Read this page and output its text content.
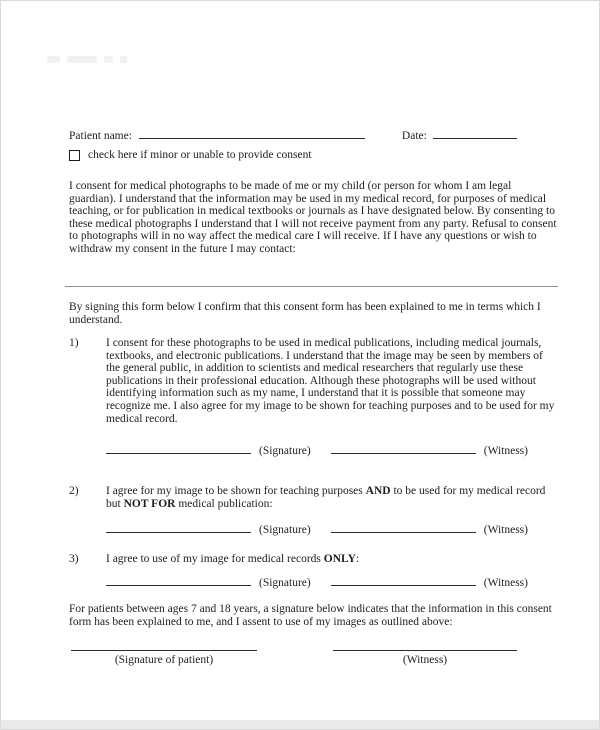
Patient name:	Date:
check here if minor or unable to provide consent

I consent for medical photographs to be made of me or my child (or person for whom I am legal guardian). I understand that the information may be used in my medical record, for purposes of medical teaching, or for publication in medical textbooks or journals as I have designated below. By consenting to these medical photographs I understand that I will not receive payment from any party. Refusal to consent to photographs will in no way affect the medical care I will receive. If I have any questions or wish to withdraw my consent in the future I may contact:

By signing this form below I confirm that this consent form has been explained to me in terms which I understand.

1)	I consent for these photographs to be used in medical publications, including medical journals, textbooks, and electronic publications. I understand that the image may be seen by members of the general public, in addition to scientists and medical researchers that regularly use these publications in their professional education. Although these photographs will be used without identifying information such as my name, I understand that it is possible that someone may recognize me. I also agree for my image to be shown for teaching purposes and to be used for my medical record.
(Signature)	(Witness)
2)	I agree for my image to be shown for teaching purposes AND to be used for my medical record but NOT FOR medical publication:
(Signature)	(Witness)
3)	I agree to use of my image for medical records ONLY:
(Signature)	(Witness)

For patients between ages 7 and 18 years, a signature below indicates that the information in this consent form has been explained to me, and I assent to use of my images as outlined above:

(Signature of patient)	(Witness)
